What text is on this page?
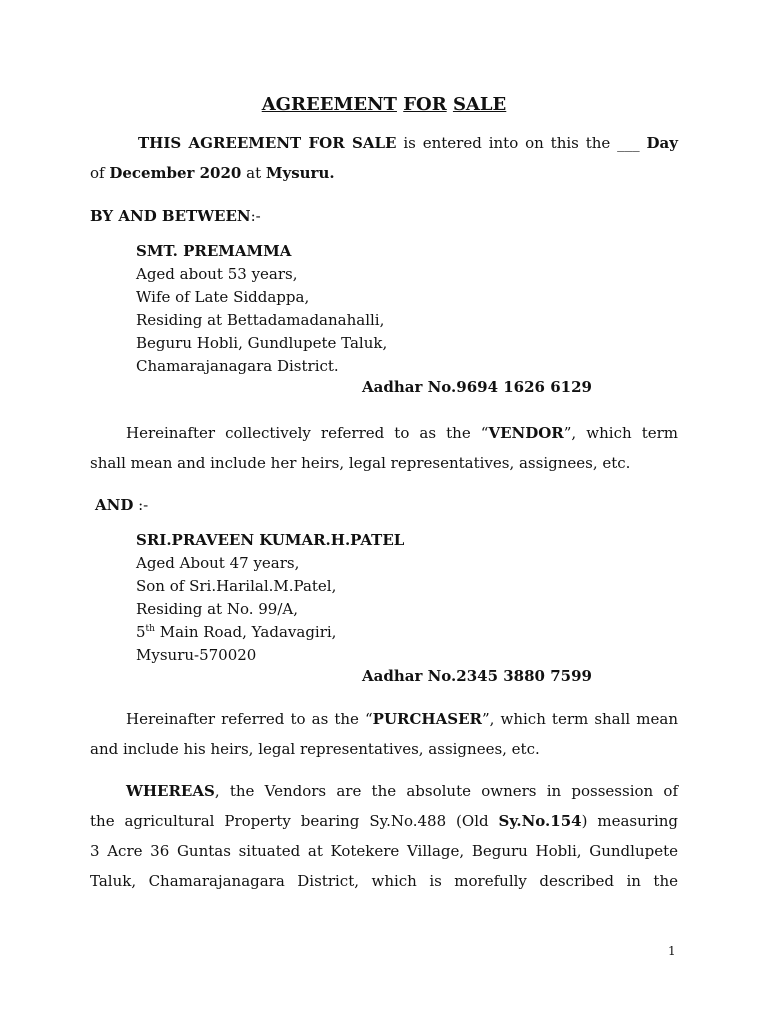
AGREEMENT FOR SALE
THIS AGREEMENT FOR SALE is entered into on this the ___ Day
of December 2020 at Mysuru.
BY AND BETWEEN:-
SMT. PREMAMMA
Aged about 53 years,
Wife of Late Siddappa,
Residing at Bettadamadanahalli,
Beguru Hobli, Gundlupete Taluk,
Chamarajanagara District.
Aadhar No.9694 1626 6129
Hereinafter collectively referred to as the “VENDOR”, which term
shall mean and include her heirs, legal representatives, assignees, etc.
AND :-
SRI.PRAVEEN KUMAR.H.PATEL
Aged About 47 years,
Son of Sri.Harilal.M.Patel,
Residing at No. 99/A,
5th Main Road, Yadavagiri,
Mysuru-570020
Aadhar No.2345 3880 7599
Hereinafter referred to as the “PURCHASER”, which term shall mean
and include his heirs, legal representatives, assignees, etc.
WHEREAS, the Vendors are the absolute owners in possession of
the agricultural Property bearing Sy.No.488 (Old Sy.No.154) measuring
3 Acre 36 Guntas situated at Kotekere Village, Beguru Hobli, Gundlupete
Taluk, Chamarajanagara District, which is morefully described in the
1
